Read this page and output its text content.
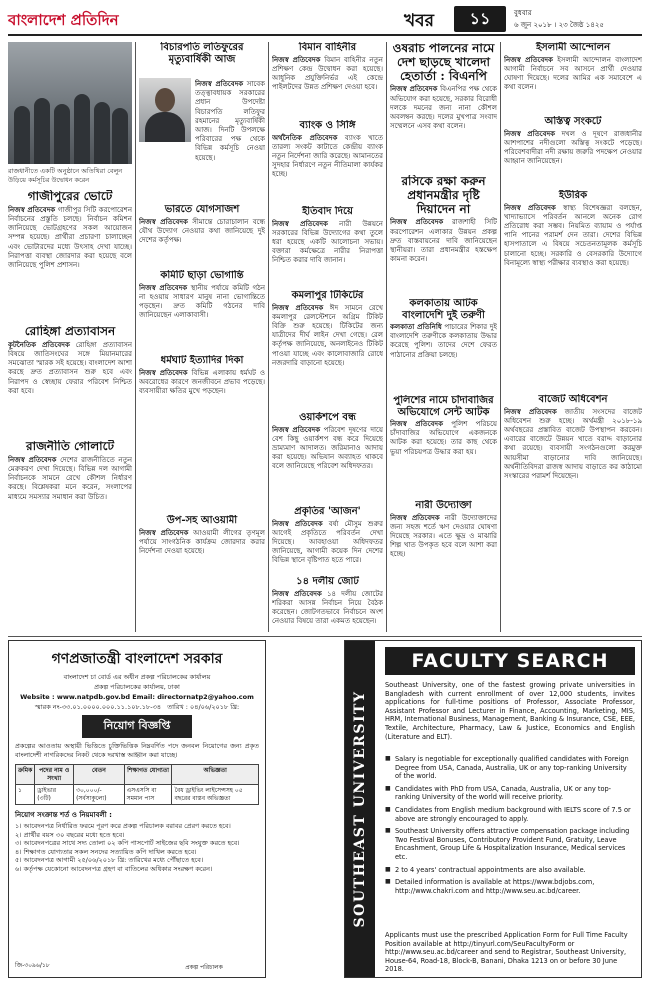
বাংলাদেশ প্রতিদিন	খবর	১১	বুধবার
৬ জুন ২০১৮ । ২৩ জৈষ্ঠ ১৪২৫
রাজধানীতে একটি অনুষ্ঠানে অতিথিরা বেলুন উড়িয়ে কর্মসূচির উদ্বোধন করেন
গাজীপুরের ভোটে
নিজস্ব প্রতিবেদক গাজীপুর সিটি করপোরেশন নির্বাচনের প্রস্তুতি চলছে। নির্বাচন কমিশন জানিয়েছে ভোটগ্রহণের সকল আয়োজন সম্পন্ন হয়েছে। প্রার্থীরা প্রচারণা চালাচ্ছেন এবং ভোটারদের মধ্যে উৎসাহ দেখা যাচ্ছে। নিরাপত্তা ব্যবস্থা জোরদার করা হয়েছে বলে জানিয়েছে পুলিশ প্রশাসন।
রোহিঙ্গা প্রত্যাবাসন
কূটনৈতিক প্রতিবেদক রোহিঙ্গা প্রত্যাবাসন বিষয়ে জাতিসংঘের সঙ্গে মিয়ানমারের সমঝোতা স্মারক সই হয়েছে। বাংলাদেশ আশা করছে দ্রুত প্রত্যাবাসন শুরু হবে এবং নিরাপদ ও স্বেচ্ছায় ফেরার পরিবেশ নিশ্চিত করা হবে।
রাজনীতি গোলাটে
নিজস্ব প্রতিবেদক দেশের রাজনীতিতে নতুন মেরুকরণ দেখা দিয়েছে। বিভিন্ন দল আগামী নির্বাচনকে সামনে রেখে কৌশল নির্ধারণ করছে। বিশ্লেষকরা মনে করেন, সংলাপের মাধ্যমে সমস্যার সমাধান করা উচিত।
বিচারপতি লতিফুরের মৃত্যুবার্ষিকী আজ
নিজস্ব প্রতিবেদক সাবেক তত্ত্বাবধায়ক সরকারের প্রধান উপদেষ্টা বিচারপতি লতিফুর রহমানের মৃত্যুবার্ষিকী আজ। দিনটি উপলক্ষে পরিবারের পক্ষ থেকে বিভিন্ন কর্মসূচি নেওয়া হয়েছে।
ভারতে যোগসাজশ
নিজস্ব প্রতিবেদক সীমান্তে চোরাচালান বন্ধে যৌথ উদ্যোগ নেওয়ার কথা জানিয়েছে দুই দেশের কর্তৃপক্ষ।
কমিটি ছাড়া ভোগান্তি
নিজস্ব প্রতিবেদক স্থানীয় পর্যায়ে কমিটি গঠন না হওয়ায় সাধারণ মানুষ নানা ভোগান্তিতে পড়ছেন। দ্রুত কমিটি গঠনের দাবি জানিয়েছেন এলাকাবাসী।
ধর্মঘাট ইত্যাদির দিকা
নিজস্ব প্রতিবেদক বিভিন্ন এলাকায় ধর্মঘট ও অবরোধের কারণে জনজীবনে প্রভাব পড়েছে। ব্যবসায়ীরা ক্ষতির মুখে পড়ছেন।
উপ-সহ আওয়ামী
নিজস্ব প্রতিবেদক আওয়ামী লীগের তৃণমূল পর্যায়ে সাংগঠনিক কার্যক্রম জোরদার করার নির্দেশনা দেওয়া হয়েছে।
বিমান বাহিনীর
নিজস্ব প্রতিবেদক বিমান বাহিনীর নতুন প্রশিক্ষণ কেন্দ্র উদ্বোধন করা হয়েছে। আধুনিক প্রযুক্তিনির্ভর এই কেন্দ্রে পাইলটদের উন্নত প্রশিক্ষণ দেওয়া হবে।
ব্যাংক ও সিঙ্গি
অর্থনৈতিক প্রতিবেদক ব্যাংক খাতে তারল্য সংকট কাটাতে কেন্দ্রীয় ব্যাংক নতুন নির্দেশনা জারি করেছে। আমানতের সুদহার নির্ধারণে নতুন নীতিমালা কার্যকর হচ্ছে।
ইতিবাদ দিয়ে
নিজস্ব প্রতিবেদক নারী উন্নয়নে সরকারের বিভিন্ন উদ্যোগের কথা তুলে ধরা হয়েছে একটি আলোচনা সভায়। বক্তারা কর্মক্ষেত্রে নারীর নিরাপত্তা নিশ্চিত করার দাবি জানান।
কমলাপুর টিকিটের
নিজস্ব প্রতিবেদক ঈদ সামনে রেখে কমলাপুর রেলস্টেশনে অগ্রিম টিকিট বিক্রি শুরু হয়েছে। টিকিটের জন্য যাত্রীদের দীর্ঘ লাইন দেখা গেছে। রেল কর্তৃপক্ষ জানিয়েছে, অনলাইনেও টিকিট পাওয়া যাচ্ছে এবং কালোবাজারি রোধে নজরদারি বাড়ানো হয়েছে।
ওয়ার্কশপে বন্ধ
নিজস্ব প্রতিবেদক পরিবেশ দূষণের দায়ে বেশ কিছু ওয়ার্কশপ বন্ধ করে দিয়েছে ভ্রাম্যমাণ আদালত। জরিমানাও আদায় করা হয়েছে। অভিযান অব্যাহত থাকবে বলে জানিয়েছে পরিবেশ অধিদফতর।
প্রকৃতির 'আজন'
নিজস্ব প্রতিবেদক বর্ষা মৌসুম শুরুর আগেই প্রকৃতিতে পরিবর্তন দেখা দিয়েছে। আবহাওয়া অধিদফতর জানিয়েছে, আগামী কয়েক দিন দেশের বিভিন্ন স্থানে বৃষ্টিপাত হতে পারে।
১৪ দলীয় জোট
নিজস্ব প্রতিবেদক ১৪ দলীয় জোটের শরিকরা আসন্ন নির্বাচন নিয়ে বৈঠক করেছেন। জোটগতভাবে নির্বাচনে অংশ নেওয়ার বিষয়ে তারা একমত হয়েছেন।
ওষরাচ পালনের নামে দেশ ছাড়ছে খালেদা হেতার্তা : বিএনপি
নিজস্ব প্রতিবেদক বিএনপির পক্ষ থেকে অভিযোগ করা হয়েছে, সরকার বিরোধী দলকে দমনের জন্য নানা কৌশল অবলম্বন করছে। দলের মুখপাত্র সংবাদ সম্মেলনে এসব কথা বলেন।
রসিকে রক্ষা করুন প্রধানমন্ত্রীর দৃষ্টি দিয়াদেন না
নিজস্ব প্রতিবেদক রাজশাহী সিটি করপোরেশন এলাকার উন্নয়ন প্রকল্প দ্রুত বাস্তবায়নের দাবি জানিয়েছেন স্থানীয়রা। তারা প্রধানমন্ত্রীর হস্তক্ষেপ কামনা করেন।
কলকাতায় আটক বাংলাদেশি দুই তরুণী
কলকাতা প্রতিনিধি পাচারের শিকার দুই বাংলাদেশি তরুণীকে কলকাতায় উদ্ধার করেছে পুলিশ। তাদের দেশে ফেরত পাঠানোর প্রক্রিয়া চলছে।
পুলিশের নামে চাঁদাবাজির অভিযোগে সেন্ট আটক
নিজস্ব প্রতিবেদক পুলিশ পরিচয়ে চাঁদাবাজির অভিযোগে একজনকে আটক করা হয়েছে। তার কাছ থেকে ভুয়া পরিচয়পত্র উদ্ধার করা হয়।
নারী উদ্যোক্তা
নিজস্ব প্রতিবেদক নারী উদ্যোক্তাদের জন্য সহজ শর্তে ঋণ দেওয়ার ঘোষণা দিয়েছে সরকার। এতে ক্ষুদ্র ও মাঝারি শিল্প খাত উপকৃত হবে বলে আশা করা হচ্ছে।
ইসলামী আন্দোলন
নিজস্ব প্রতিবেদক ইসলামী আন্দোলন বাংলাদেশ আগামী নির্বাচনে সব আসনে প্রার্থী দেওয়ার ঘোষণা দিয়েছে। দলের আমির এক সমাবেশে এ কথা বলেন।
অস্তিত্ব সংকটে
নিজস্ব প্রতিবেদক দখল ও দূষণে রাজধানীর আশপাশের নদীগুলো অস্তিত্ব সংকটে পড়েছে। পরিবেশবাদীরা নদী রক্ষায় জরুরি পদক্ষেপ নেওয়ার আহ্বান জানিয়েছেন।
ইউরিক
নিজস্ব প্রতিবেদক স্বাস্থ্য বিশেষজ্ঞরা বলছেন, খাদ্যাভ্যাসে পরিবর্তন আনলে অনেক রোগ প্রতিরোধ করা সম্ভব। নিয়মিত ব্যায়াম ও পর্যাপ্ত পানি পানের পরামর্শ দেন তারা। দেশের বিভিন্ন হাসপাতালে এ বিষয়ে সচেতনতামূলক কর্মসূচি চালানো হচ্ছে। সরকারি ও বেসরকারি উদ্যোগে বিনামূল্যে স্বাস্থ্য পরীক্ষার ব্যবস্থাও করা হয়েছে।
বাজেট অধিবেশন
নিজস্ব প্রতিবেদক জাতীয় সংসদের বাজেট অধিবেশন শুরু হচ্ছে। অর্থমন্ত্রী ২০১৮-১৯ অর্থবছরের প্রস্তাবিত বাজেট উপস্থাপন করবেন। এবারের বাজেটে উন্নয়ন খাতে বরাদ্দ বাড়ানোর কথা রয়েছে। ব্যবসায়ী সংগঠনগুলো করমুক্ত আয়সীমা বাড়ানোর দাবি জানিয়েছে। অর্থনীতিবিদরা রাজস্ব আদায় বাড়াতে কর কাঠামো সংস্কারের পরামর্শ দিয়েছেন।
গণপ্রজাতন্ত্রী বাংলাদেশ সরকার
বাংলাদেশ চা বোর্ড এর অধীন প্রকল্প পরিচালকের কার্যালয়
প্রকল্প পরিচালকের কার্যালয়, ঢাকা
Website : www.natpdb.gov.bd Email: directornatp2@yahoo.com
স্মারক নং-৩৩.০১.০০০০.০০০.১১.১০৮.১৮-৩৪ তারিখ : ০৪/০৬/২০১৮ খ্রি:
নিয়োগ বিজ্ঞপ্তি
প্রকল্পের আওতায় অস্থায়ী ভিত্তিতে চুক্তিভিত্তিক নিম্নবর্ণিত পদে জনবল নিয়োগের জন্য প্রকৃত বাংলাদেশী নাগরিকদের নিকট থেকে দরখাস্ত আহ্বান করা যাচ্ছে।
ক্রমিক	পদের নাম ও সংখ্যা	বেতন	শিক্ষাগত যোগ্যতা	অভিজ্ঞতা
১	ড্রাইভার (৩টি)	৩০,০০০/- (সর্বসাকুল্যে)	এসএসসি বা সমমান পাস	বৈধ ড্রাইভিং লাইসেন্সসহ ০৫ বছরের বাস্তব অভিজ্ঞতা
নিয়োগ সংক্রান্ত শর্ত ও নিয়মাবলী :
১। আবেদনপত্র নির্ধারিত ফরমে পূরণ করে প্রকল্প পরিচালক বরাবর প্রেরণ করতে হবে।
২। প্রার্থীর বয়স ৩০ বছরের মধ্যে হতে হবে।
৩। আবেদনপত্রের সাথে সদ্য তোলা ০২ কপি পাসপোর্ট সাইজের ছবি সংযুক্ত করতে হবে।
৪। শিক্ষাগত যোগ্যতার সকল সনদের সত্যায়িত কপি দাখিল করতে হবে।
৫। আবেদনপত্র আগামী ২৫/০৬/২০১৮ খ্রি: তারিখের মধ্যে পৌঁছাতে হবে।
৬। কর্তৃপক্ষ যেকোনো আবেদনপত্র গ্রহণ বা বাতিলের অধিকার সংরক্ষণ করেন।
জি-৩০৯৬/১৮	প্রকল্প পরিচালক
SOUTHEAST UNIVERSITY
FACULTY SEARCH
Southeast University, one of the fastest growing private universities in Bangladesh with current enrollment of over 12,000 students, invites applications for full-time positions of Professor, Associate Professor, Assistant Professor and Lecturer in Finance, Accounting, Marketing, MIS, HRM, International Business, Management, Banking & Insurance, CSE, EEE, Textile, Architecture, Pharmacy, Law & Justice, Economics and English (Literature and ELT).
■ Salary is negotiable for exceptionally qualified candidates with Foreign Degree from USA, Canada, Australia, UK or any top-ranking University of the world.
■ Candidates with PhD from USA, Canada, Australia, UK or any top-ranking University of the world will receive priority.
■ Candidates from English medium background with IELTS score of 7.5 or above are strongly encouraged to apply.
■ Southeast University offers attractive compensation package including Two Festival Bonuses, Contributory Provident Fund, Gratuity, Leave Encashment, Group Life & Hospitalization Insurance, Medical services etc.
■ 2 to 4 years' contractual appointments are also available.
■ Detailed information is available at https://www.bdjobs.com, http://www.chakri.com and http://www.seu.ac.bd/career.
Applicants must use the prescribed Application Form for Full Time Faculty Position available at http://tinyurl.com/SeuFacultyForm or http://www.seu.ac.bd/career and send to Registrar, Southeast University, House-64, Road-18, Block-B, Banani, Dhaka 1213 on or before 30 June 2018.
